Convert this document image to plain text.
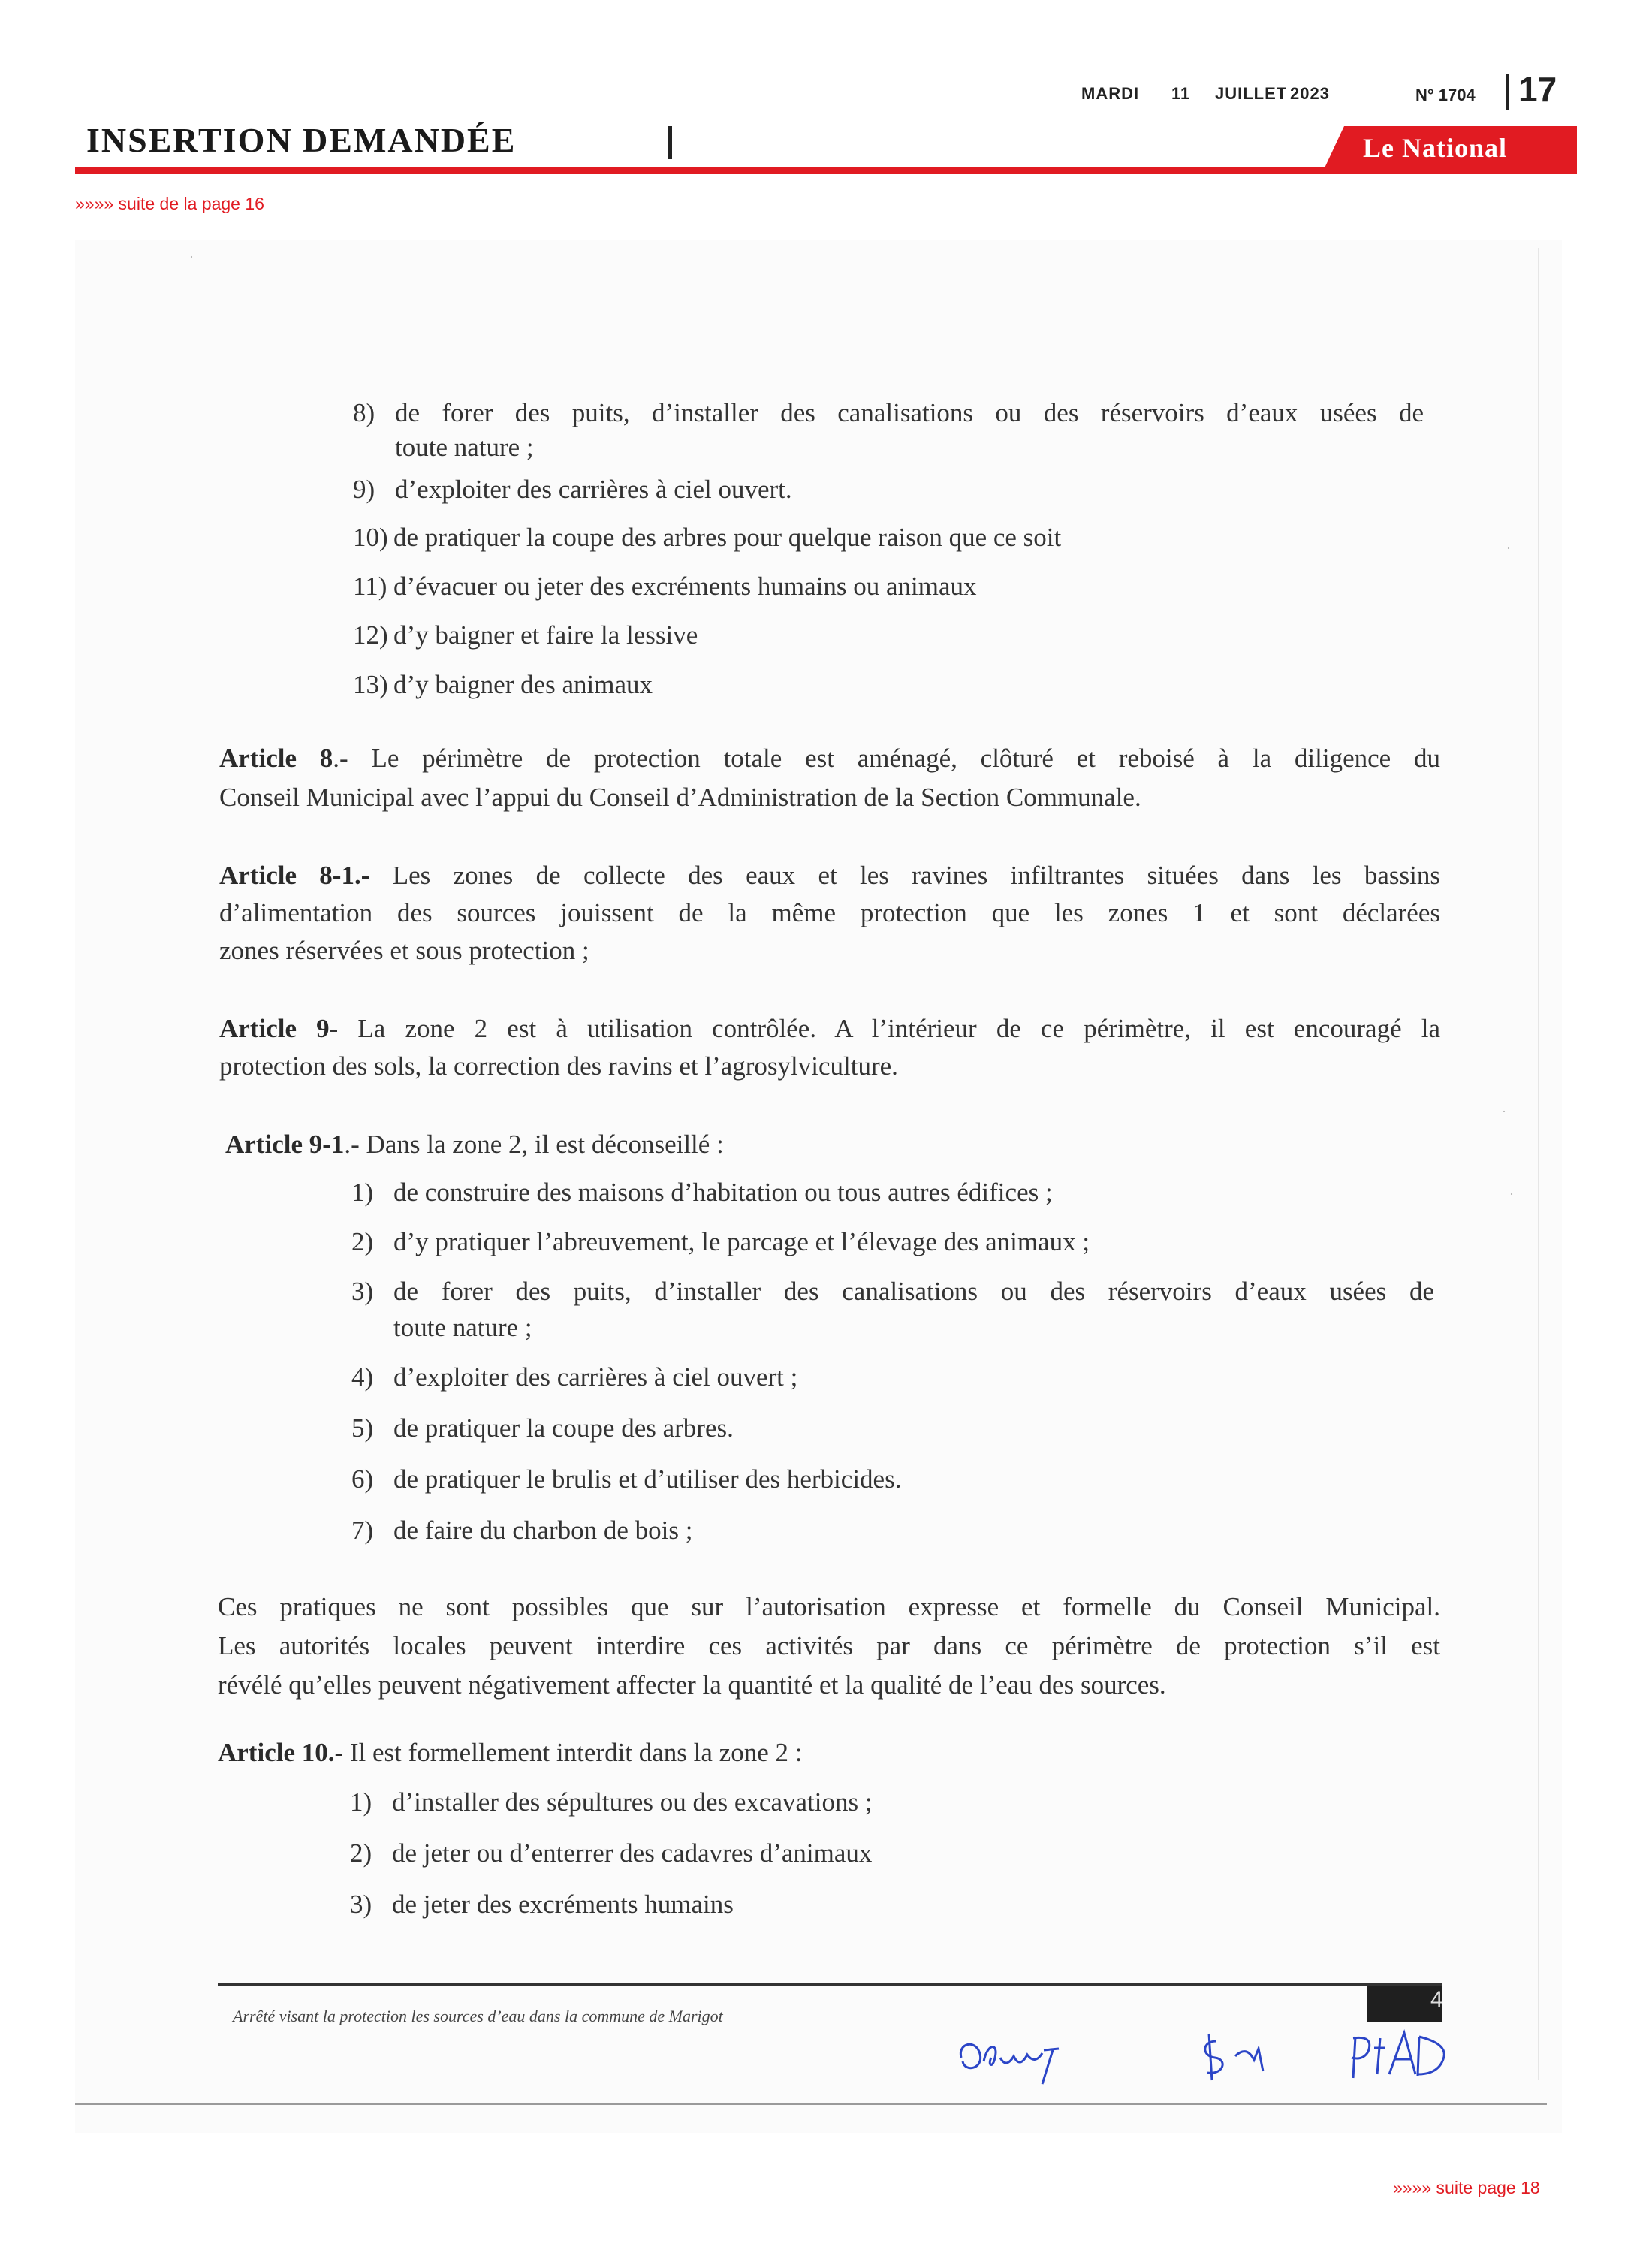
MARDI 11 JUILLET 2023	N° 1704 17
INSERTION DEMANDÉE	Le National
»»»» suite de la page 16
·
·
·
·
8) de forer des puits, d’installer des canalisations ou des réservoirs d’eaux usées de
toute nature ;
9) d’exploiter des carrières à ciel ouvert.
10) de pratiquer la coupe des arbres pour quelque raison que ce soit
11) d’évacuer ou jeter des excréments humains ou animaux
12) d’y baigner et faire la lessive
13) d’y baigner des animaux
Article 8.- Le périmètre de protection totale est aménagé, clôturé et reboisé à la diligence du
Conseil Municipal avec l’appui du Conseil d’Administration de la Section Communale.
Article 8-1.- Les zones de collecte des eaux et les ravines infiltrantes situées dans les bassins
d’alimentation des sources jouissent de la même protection que les zones 1 et sont déclarées
zones réservées et sous protection ;
Article 9- La zone 2 est à utilisation contrôlée. A l’intérieur de ce périmètre, il est encouragé la
protection des sols, la correction des ravins et l’agrosylviculture.
Article 9-1.- Dans la zone 2, il est déconseillé :
1) de construire des maisons d’habitation ou tous autres édifices ;
2) d’y pratiquer l’abreuvement, le parcage et l’élevage des animaux ;
3) de forer des puits, d’installer des canalisations ou des réservoirs d’eaux usées de
toute nature ;
4) d’exploiter des carrières à ciel ouvert ;
5) de pratiquer la coupe des arbres.
6) de pratiquer le brulis et d’utiliser des herbicides.
7) de faire du charbon de bois ;
Ces pratiques ne sont possibles que sur l’autorisation expresse et formelle du Conseil Municipal.
Les autorités locales peuvent interdire ces activités par dans ce périmètre de protection s’il est
révélé qu’elles peuvent négativement affecter la quantité et la qualité de l’eau des sources.
Article 10.- Il est formellement interdit dans la zone 2 :
1) d’installer des sépultures ou des excavations ;
2) de jeter ou d’enterrer des cadavres d’animaux
3) de jeter des excréments humains
4
Arrêté visant la protection les sources d’eau dans la commune de Marigot
»»»» suite page 18
